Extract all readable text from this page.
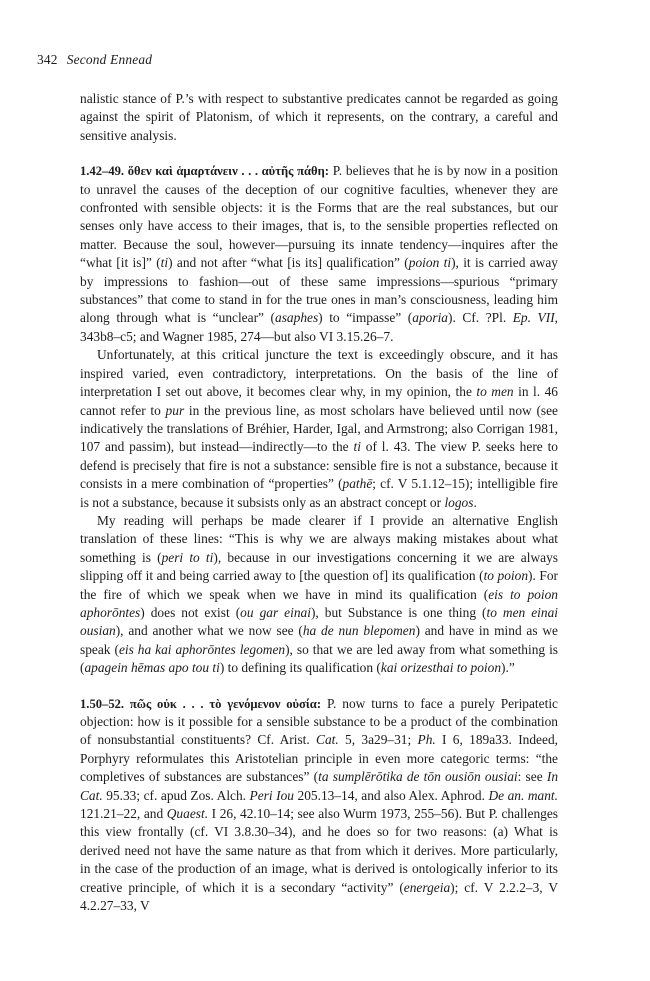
342 Second Ennead

nalistic stance of P.’s with respect to substantive predicates cannot be regarded as going against the spirit of Platonism, of which it represents, on the contrary, a careful and sensitive analysis.

1.42–49. ὅθεν καὶ ἁμαρτάνειν . . . αὐτῆς πάθη: P. believes that he is by now in a position to unravel the causes of the deception of our cognitive faculties, whenever they are confronted with sensible objects: it is the Forms that are the real substances, but our senses only have access to their images, that is, to the sensible properties reflected on matter. Because the soul, however—pursuing its innate tendency—inquires after the “what [it is]” (ti) and not after “what [is its] qualification” (poion ti), it is carried away by impressions to fashion—out of these same impressions—spurious “primary substances” that come to stand in for the true ones in man’s consciousness, leading him along through what is “unclear” (asaphes) to “impasse” (aporia). Cf. ?Pl. Ep. VII, 343b8–c5; and Wagner 1985, 274—but also VI 3.15.26–7.

Unfortunately, at this critical juncture the text is exceedingly obscure, and it has inspired varied, even contradictory, interpretations. On the basis of the line of interpretation I set out above, it becomes clear why, in my opinion, the to men in l. 46 cannot refer to pur in the previous line, as most scholars have believed until now (see indicatively the translations of Bréhier, Harder, Igal, and Armstrong; also Corrigan 1981, 107 and passim), but instead—indirectly—to the ti of l. 43. The view P. seeks here to defend is precisely that fire is not a substance: sensible fire is not a substance, because it consists in a mere combination of “properties” (pathē; cf. V 5.1.12–15); intelligible fire is not a substance, because it subsists only as an abstract concept or logos.

My reading will perhaps be made clearer if I provide an alternative English translation of these lines: “This is why we are always making mistakes about what something is (peri to ti), because in our investigations concerning it we are always slipping off it and being carried away to [the question of] its qualification (to poion). For the fire of which we speak when we have in mind its qualification (eis to poion aphorōntes) does not exist (ou gar einai), but Substance is one thing (to men einai ousian), and another what we now see (ha de nun blepomen) and have in mind as we speak (eis ha kai aphorōntes legomen), so that we are led away from what something is (apagein hēmas apo tou ti) to defining its qualification (kai orizesthai to poion).”

1.50–52. πῶς οὐκ . . . τὸ γενόμενον οὐσία: P. now turns to face a purely Peripatetic objection: how is it possible for a sensible substance to be a product of the combination of nonsubstantial constituents? Cf. Arist. Cat. 5, 3a29–31; Ph. I 6, 189a33. Indeed, Porphyry reformulates this Aristotelian principle in even more categoric terms: “the completives of substances are substances” (ta sumplērōtika de tōn ousiōn ousiai: see In Cat. 95.33; cf. apud Zos. Alch. Peri Iou 205.13–14, and also Alex. Aphrod. De an. mant. 121.21–22, and Quaest. I 26, 42.10–14; see also Wurm 1973, 255–56). But P. challenges this view frontally (cf. VI 3.8.30–34), and he does so for two reasons: (a) What is derived need not have the same nature as that from which it derives. More particularly, in the case of the production of an image, what is derived is ontologically inferior to its creative principle, of which it is a secondary “activity” (energeia); cf. V 2.2.2–3, V 4.2.27–33, V
